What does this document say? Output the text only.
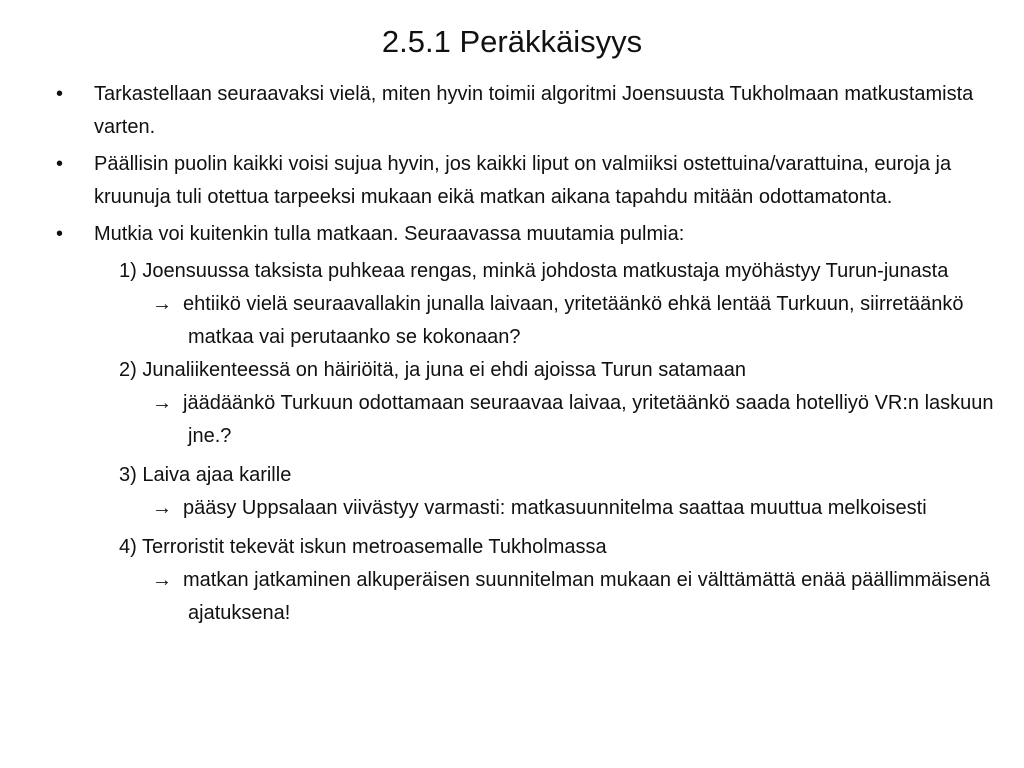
2.5.1 Peräkkäisyys
•	Tarkastellaan seuraavaksi vielä, miten hyvin toimii algoritmi Joensuusta Tukholmaan matkustamista varten.
•	Päällisin puolin kaikki voisi sujua hyvin, jos kaikki liput on valmiiksi ostettuina/varattuina, euroja ja kruunuja tuli otettua tarpeeksi mukaan eikä matkan aikana tapahdu mitään odottamatonta.
•	Mutkia voi kuitenkin tulla matkaan. Seuraavassa muutamia pulmia:
1) Joensuussa taksista puhkeaa rengas, minkä johdosta matkustaja myöhästyy Turun-junasta
→ ehtiikö vielä seuraavallakin junalla laivaan, yritetäänkö ehkä lentää Turkuun, siirretäänkö matkaa vai perutaanko se kokonaan?
2) Junaliikenteessä on häiriöitä, ja juna ei ehdi ajoissa Turun satamaan
→ jäädäänkö Turkuun odottamaan seuraavaa laivaa, yritetäänkö saada hotelliyö VR:n laskuun jne.?
3) Laiva ajaa karille
→ pääsy Uppsalaan viivästyy varmasti: matkasuunnitelma saattaa muuttua melkoisesti
4) Terroristit tekevät iskun metroasemalle Tukholmassa
→ matkan jatkaminen alkuperäisen suunnitelman mukaan ei välttämättä enää päällimmäisenä ajatuksena!
